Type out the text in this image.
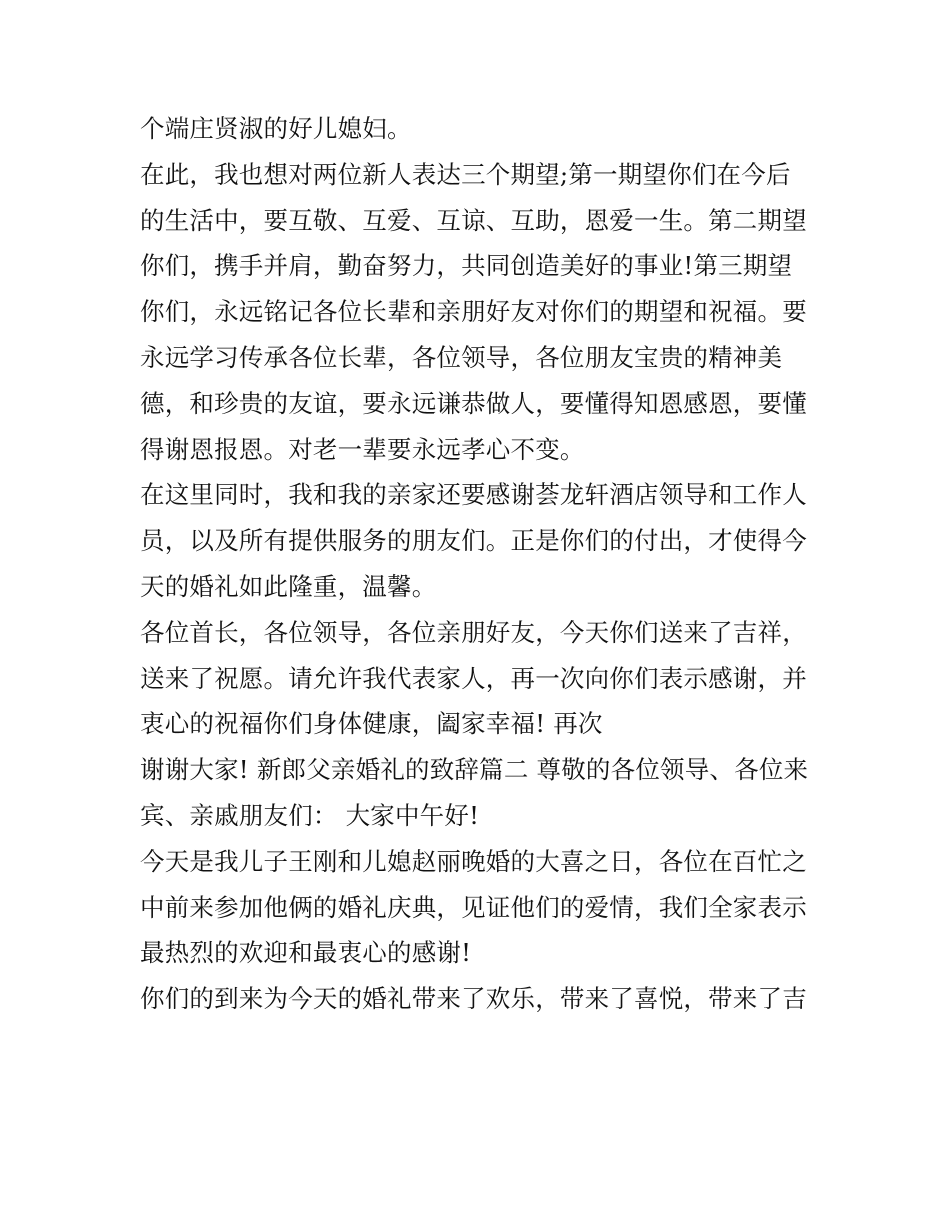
个端庄贤淑的好儿媳妇。
在此，我也想对两位新人表达三个期望;第一期望你们在今后
的生活中，要互敬、互爱、互谅、互助，恩爱一生。第二期望
你们，携手并肩，勤奋努力，共同创造美好的事业!第三期望
你们，永远铭记各位长辈和亲朋好友对你们的期望和祝福。要
永远学习传承各位长辈，各位领导，各位朋友宝贵的精神美
德，和珍贵的友谊，要永远谦恭做人，要懂得知恩感恩，要懂
得谢恩报恩。对老一辈要永远孝心不变。
在这里同时，我和我的亲家还要感谢荟龙轩酒店领导和工作人
员，以及所有提供服务的朋友们。正是你们的付出，才使得今
天的婚礼如此隆重，温馨。
各位首长，各位领导，各位亲朋好友，今天你们送来了吉祥，
送来了祝愿。请允许我代表家人，再一次向你们表示感谢，并
衷心的祝福你们身体健康，阖家幸福! 再次
谢谢大家! 新郎父亲婚礼的致辞篇二 尊敬的各位领导、各位来
宾、亲戚朋友们： 大家中午好!
今天是我儿子王刚和儿媳赵丽晚婚的大喜之日，各位在百忙之
中前来参加他俩的婚礼庆典，见证他们的爱情，我们全家表示
最热烈的欢迎和最衷心的感谢!
你们的到来为今天的婚礼带来了欢乐，带来了喜悦，带来了吉
